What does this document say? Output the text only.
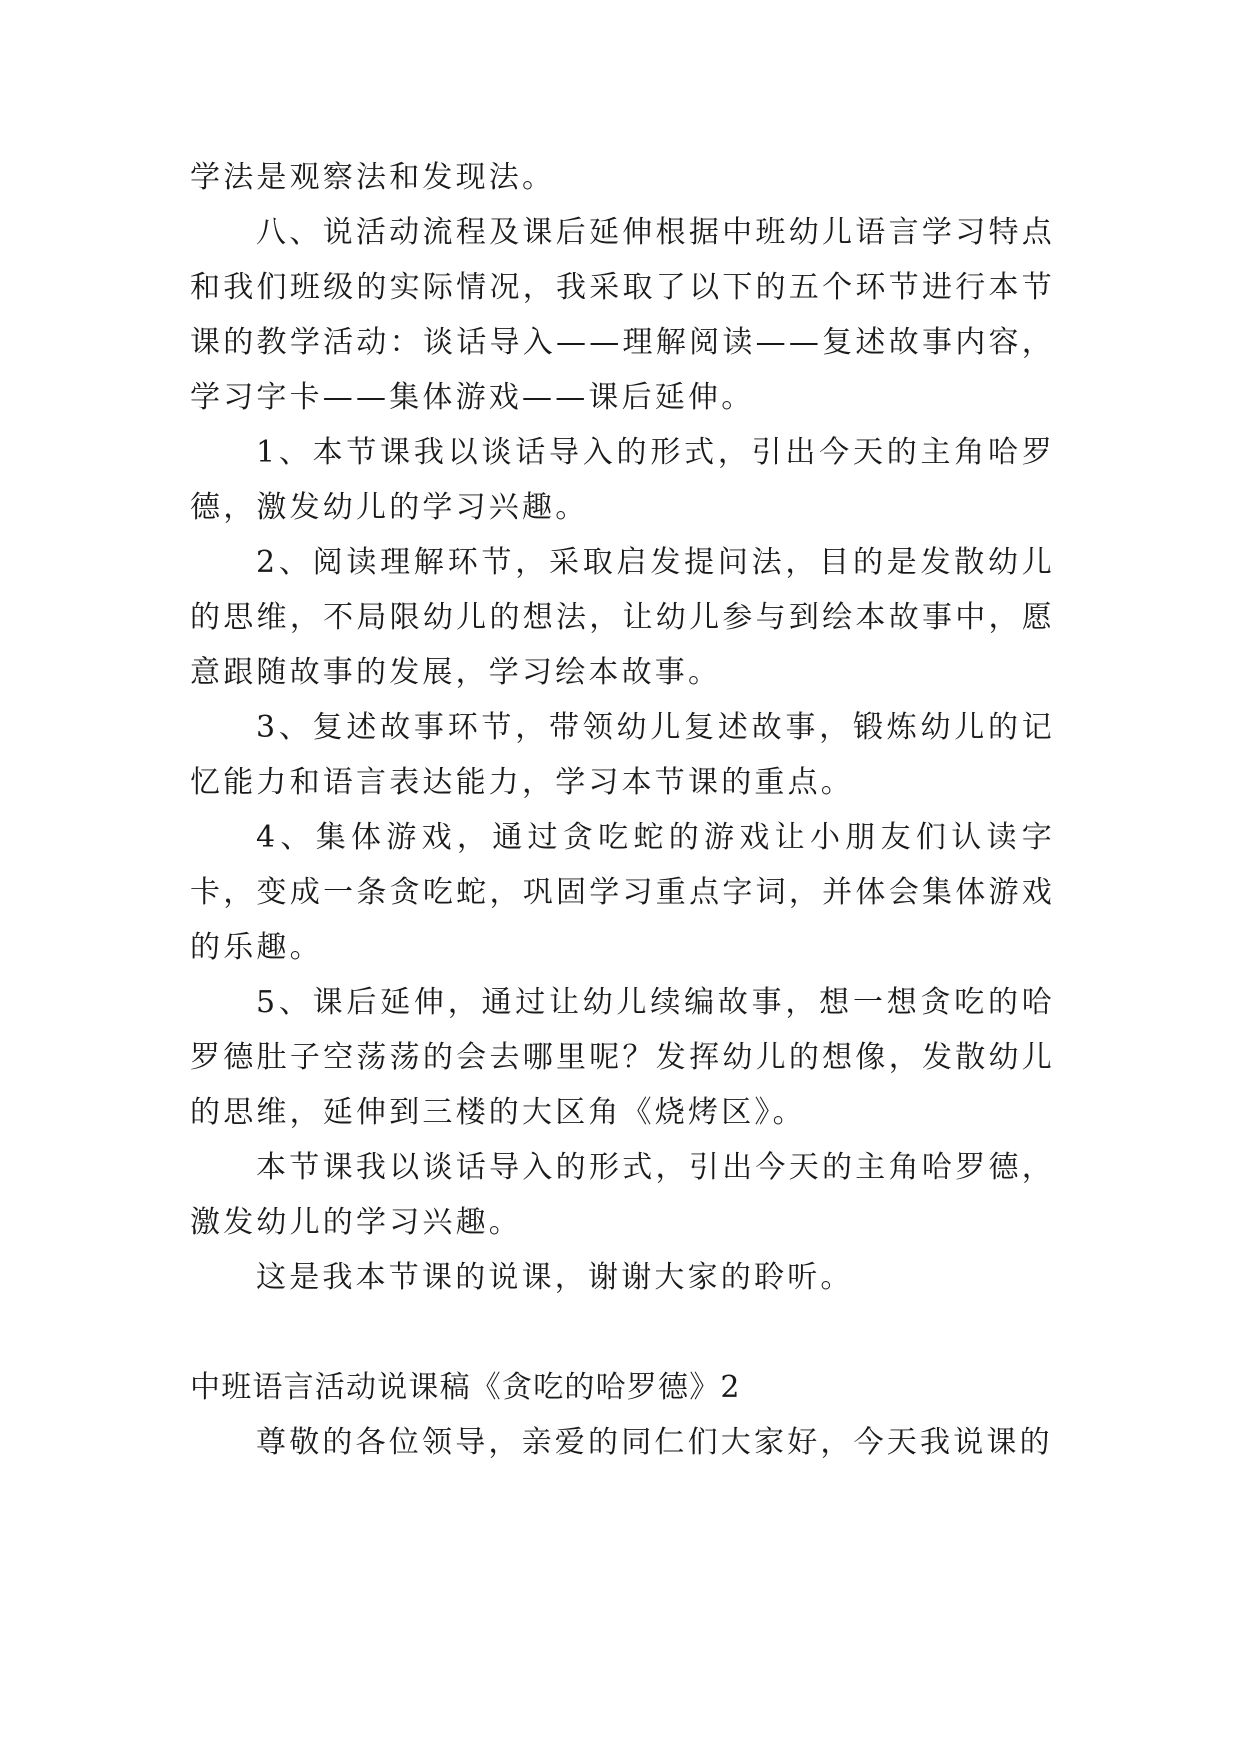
学法是观察法和发现法。

八、说活动流程及课后延伸根据中班幼儿语言学习特点和我们班级的实际情况，我采取了以下的五个环节进行本节课的教学活动：谈话导入——理解阅读——复述故事内容，学习字卡——集体游戏——课后延伸。

1、本节课我以谈话导入的形式，引出今天的主角哈罗德，激发幼儿的学习兴趣。

2、阅读理解环节，采取启发提问法，目的是发散幼儿的思维，不局限幼儿的想法，让幼儿参与到绘本故事中，愿意跟随故事的发展，学习绘本故事。

3、复述故事环节，带领幼儿复述故事，锻炼幼儿的记忆能力和语言表达能力，学习本节课的重点。

4、集体游戏，通过贪吃蛇的游戏让小朋友们认读字卡，变成一条贪吃蛇，巩固学习重点字词，并体会集体游戏的乐趣。

5、课后延伸，通过让幼儿续编故事，想一想贪吃的哈罗德肚子空荡荡的会去哪里呢？发挥幼儿的想像，发散幼儿的思维，延伸到三楼的大区角《烧烤区》。

本节课我以谈话导入的形式，引出今天的主角哈罗德，激发幼儿的学习兴趣。

这是我本节课的说课，谢谢大家的聆听。

中班语言活动说课稿《贪吃的哈罗德》2

尊敬的各位领导，亲爱的同仁们大家好，今天我说课的
